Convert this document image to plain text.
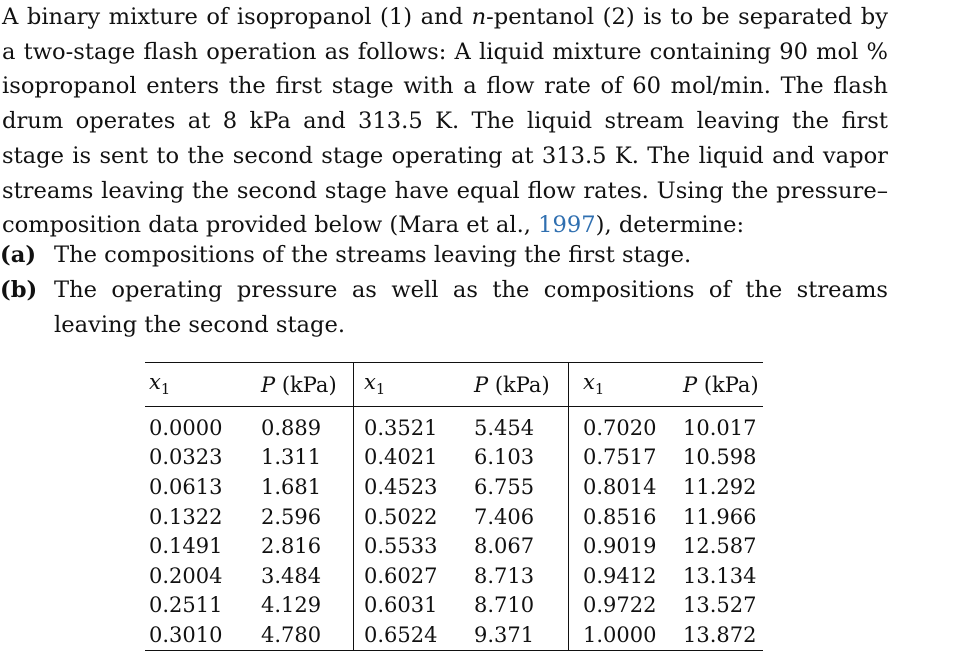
A binary mixture of isopropanol (1) and n-pentanol (2) is to be separated by a two-stage flash operation as follows: A liquid mixture containing 90 mol % isopropanol enters the first stage with a flow rate of 60 mol/min. The flash drum operates at 8 kPa and 313.5 K. The liquid stream leaving the first stage is sent to the second stage operating at 313.5 K. The liquid and vapor streams leaving the second stage have equal flow rates. Using the pressure–composition data provided below (Mara et al., 1997), determine:
(a) The compositions of the streams leaving the first stage.
(b) The operating pressure as well as the compositions of the streams leaving the second stage.
$x_1$	P (kPa)	$x_1$	P (kPa)	$x_1$	P (kPa)
0.0000	0.889	0.3521	5.454	0.7020	10.017
0.0323	1.311	0.4021	6.103	0.7517	10.598
0.0613	1.681	0.4523	6.755	0.8014	11.292
0.1322	2.596	0.5022	7.406	0.8516	11.966
0.1491	2.816	0.5533	8.067	0.9019	12.587
0.2004	3.484	0.6027	8.713	0.9412	13.134
0.2511	4.129	0.6031	8.710	0.9722	13.527
0.3010	4.780	0.6524	9.371	1.0000	13.872
